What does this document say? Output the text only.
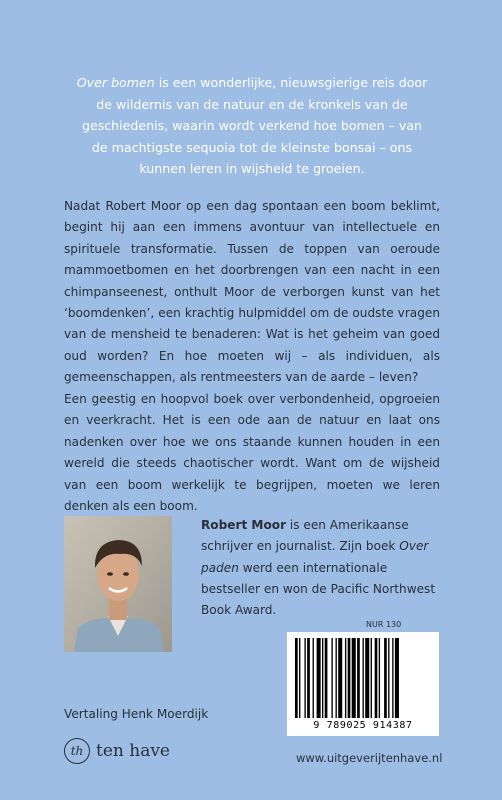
Over bomen is een wonderlijke, nieuwsgierige reis door de wildernis van de natuur en de kronkels van de geschiedenis, waarin wordt verkend hoe bomen – van de machtigste sequoia tot de kleinste bonsai – ons kunnen leren in wijsheid te groeien.
Nadat Robert Moor op een dag spontaan een boom beklimt, begint hij aan een immens avontuur van intellectuele en spirituele transformatie. Tussen de toppen van oeroude mammoetbomen en het doorbrengen van een nacht in een chimpanseenest, onthult Moor de verborgen kunst van het ‘boomdenken’, een krachtig hulpmiddel om de oudste vragen van de mensheid te benaderen: Wat is het geheim van goed oud worden? En hoe moeten wij – als individuen, als gemeenschappen, als rentmeesters van de aarde – leven?
Een geestig en hoopvol boek over verbondenheid, opgroeien en veerkracht. Het is een ode aan de natuur en laat ons nadenken over hoe we ons staande kunnen houden in een wereld die steeds chaotischer wordt. Want om de wijsheid van een boom werkelijk te begrijpen, moeten we leren denken als een boom.
Robert Moor is een Amerikaanse schrijver en journalist. Zijn boek Over paden werd een internationale bestseller en won de Pacific Northwest Book Award.
NUR 130
9 789025 914387
Vertaling Henk Moerdijk
th ten have	www.uitgeverijtenhave.nl
